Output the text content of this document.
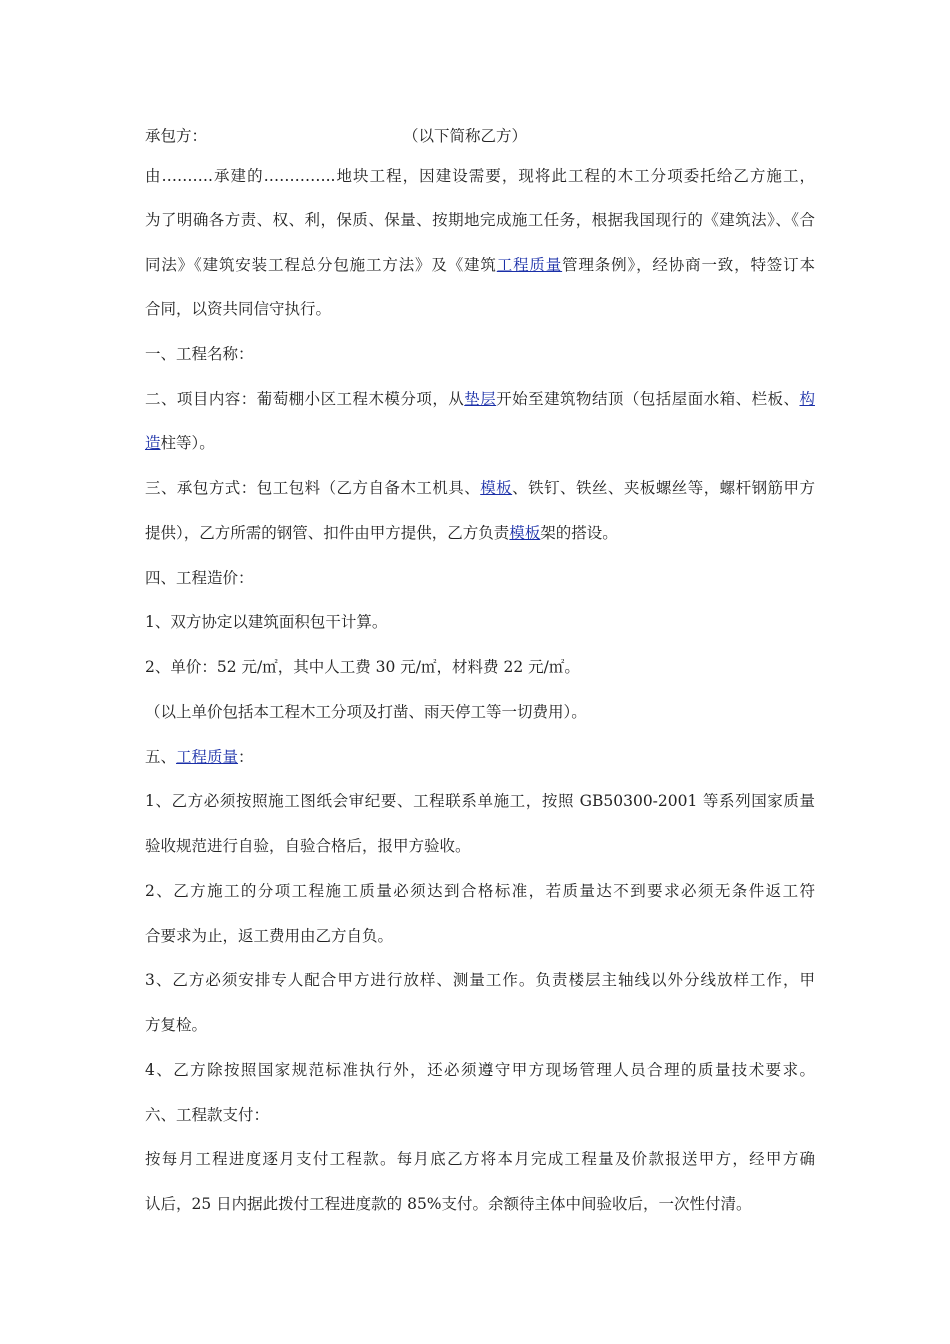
承包方：	（以下简称乙方）
由……….承建的…………..地块工程，因建设需要，现将此工程的木工分项委托给乙方施工，
为了明确各方责、权、利，保质、保量、按期地完成施工任务，根据我国现行的《建筑法》、《合
同法》《建筑安装工程总分包施工方法》及《建筑工程质量管理条例》，经协商一致，特签订本
合同，以资共同信守执行。
一、工程名称：
二、项目内容：葡萄棚小区工程木模分项，从垫层开始至建筑物结顶（包括屋面水箱、栏板、构
造柱等）。
三、承包方式：包工包料（乙方自备木工机具、模板、铁钉、铁丝、夹板螺丝等，螺杆钢筋甲方
提供），乙方所需的钢管、扣件由甲方提供，乙方负责模板架的搭设。
四、工程造价：
1、双方协定以建筑面积包干计算。
2、单价：52 元/㎡，其中人工费 30 元/㎡，材料费 22 元/㎡。
（以上单价包括本工程木工分项及打凿、雨天停工等一切费用）。
五、工程质量：
1、乙方必须按照施工图纸会审纪要、工程联系单施工，按照 GB50300-2001 等系列国家质量
验收规范进行自验，自验合格后，报甲方验收。
2、乙方施工的分项工程施工质量必须达到合格标准，若质量达不到要求必须无条件返工符
合要求为止，返工费用由乙方自负。
3、乙方必须安排专人配合甲方进行放样、测量工作。负责楼层主轴线以外分线放样工作，甲
方复检。
4、乙方除按照国家规范标准执行外，还必须遵守甲方现场管理人员合理的质量技术要求。
六、工程款支付：
按每月工程进度逐月支付工程款。每月底乙方将本月完成工程量及价款报送甲方，经甲方确
认后，25 日内据此拨付工程进度款的 85%支付。余额待主体中间验收后，一次性付清。
